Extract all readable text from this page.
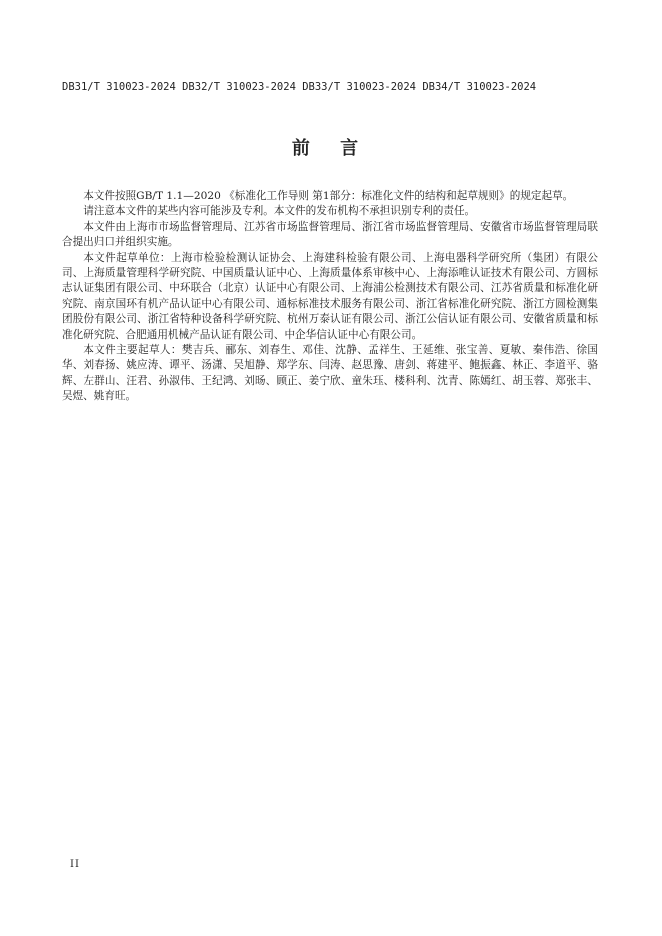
DB31/T 310023-2024 DB32/T 310023-2024 DB33/T 310023-2024 DB34/T 310023-2024
前 言

本文件按照GB/T 1.1—2020 《标准化工作导则 第1部分：标准化文件的结构和起草规则》的规定起草。

请注意本文件的某些内容可能涉及专利。本文件的发布机构不承担识别专利的责任。

本文件由上海市市场监督管理局、江苏省市场监督管理局、浙江省市场监督管理局、安徽省市场监督管理局联合提出归口并组织实施。

本文件起草单位：上海市检验检测认证协会、上海建科检验有限公司、上海电器科学研究所（集团）有限公司、上海质量管理科学研究院、中国质量认证中心、上海质量体系审核中心、上海添唯认证技术有限公司、方圆标志认证集团有限公司、中环联合（北京）认证中心有限公司、上海浦公检测技术有限公司、江苏省质量和标准化研究院、南京国环有机产品认证中心有限公司、通标标准技术服务有限公司、浙江省标准化研究院、浙江方圆检测集团股份有限公司、浙江省特种设备科学研究院、杭州万泰认证有限公司、浙江公信认证有限公司、安徽省质量和标准化研究院、合肥通用机械产品认证有限公司、中企华信认证中心有限公司。

本文件主要起草人：樊吉兵、郦东、刘春生、邓佳、沈静、孟祥生、王延维、张宝善、夏敏、秦伟浩、徐国华、刘春扬、姚应涛、谭平、汤潇、吴旭静、郑学东、闫涛、赵思豫、唐剑、蒋建平、鲍振鑫、林正、李道平、骆辉、左群山、汪君、孙淑伟、王纪鸿、刘旸、顾正、姜宁欣、童朱珏、楼科利、沈青、陈嫣红、胡玉蓉、郑张丰、吴煜、姚育旺。

II
